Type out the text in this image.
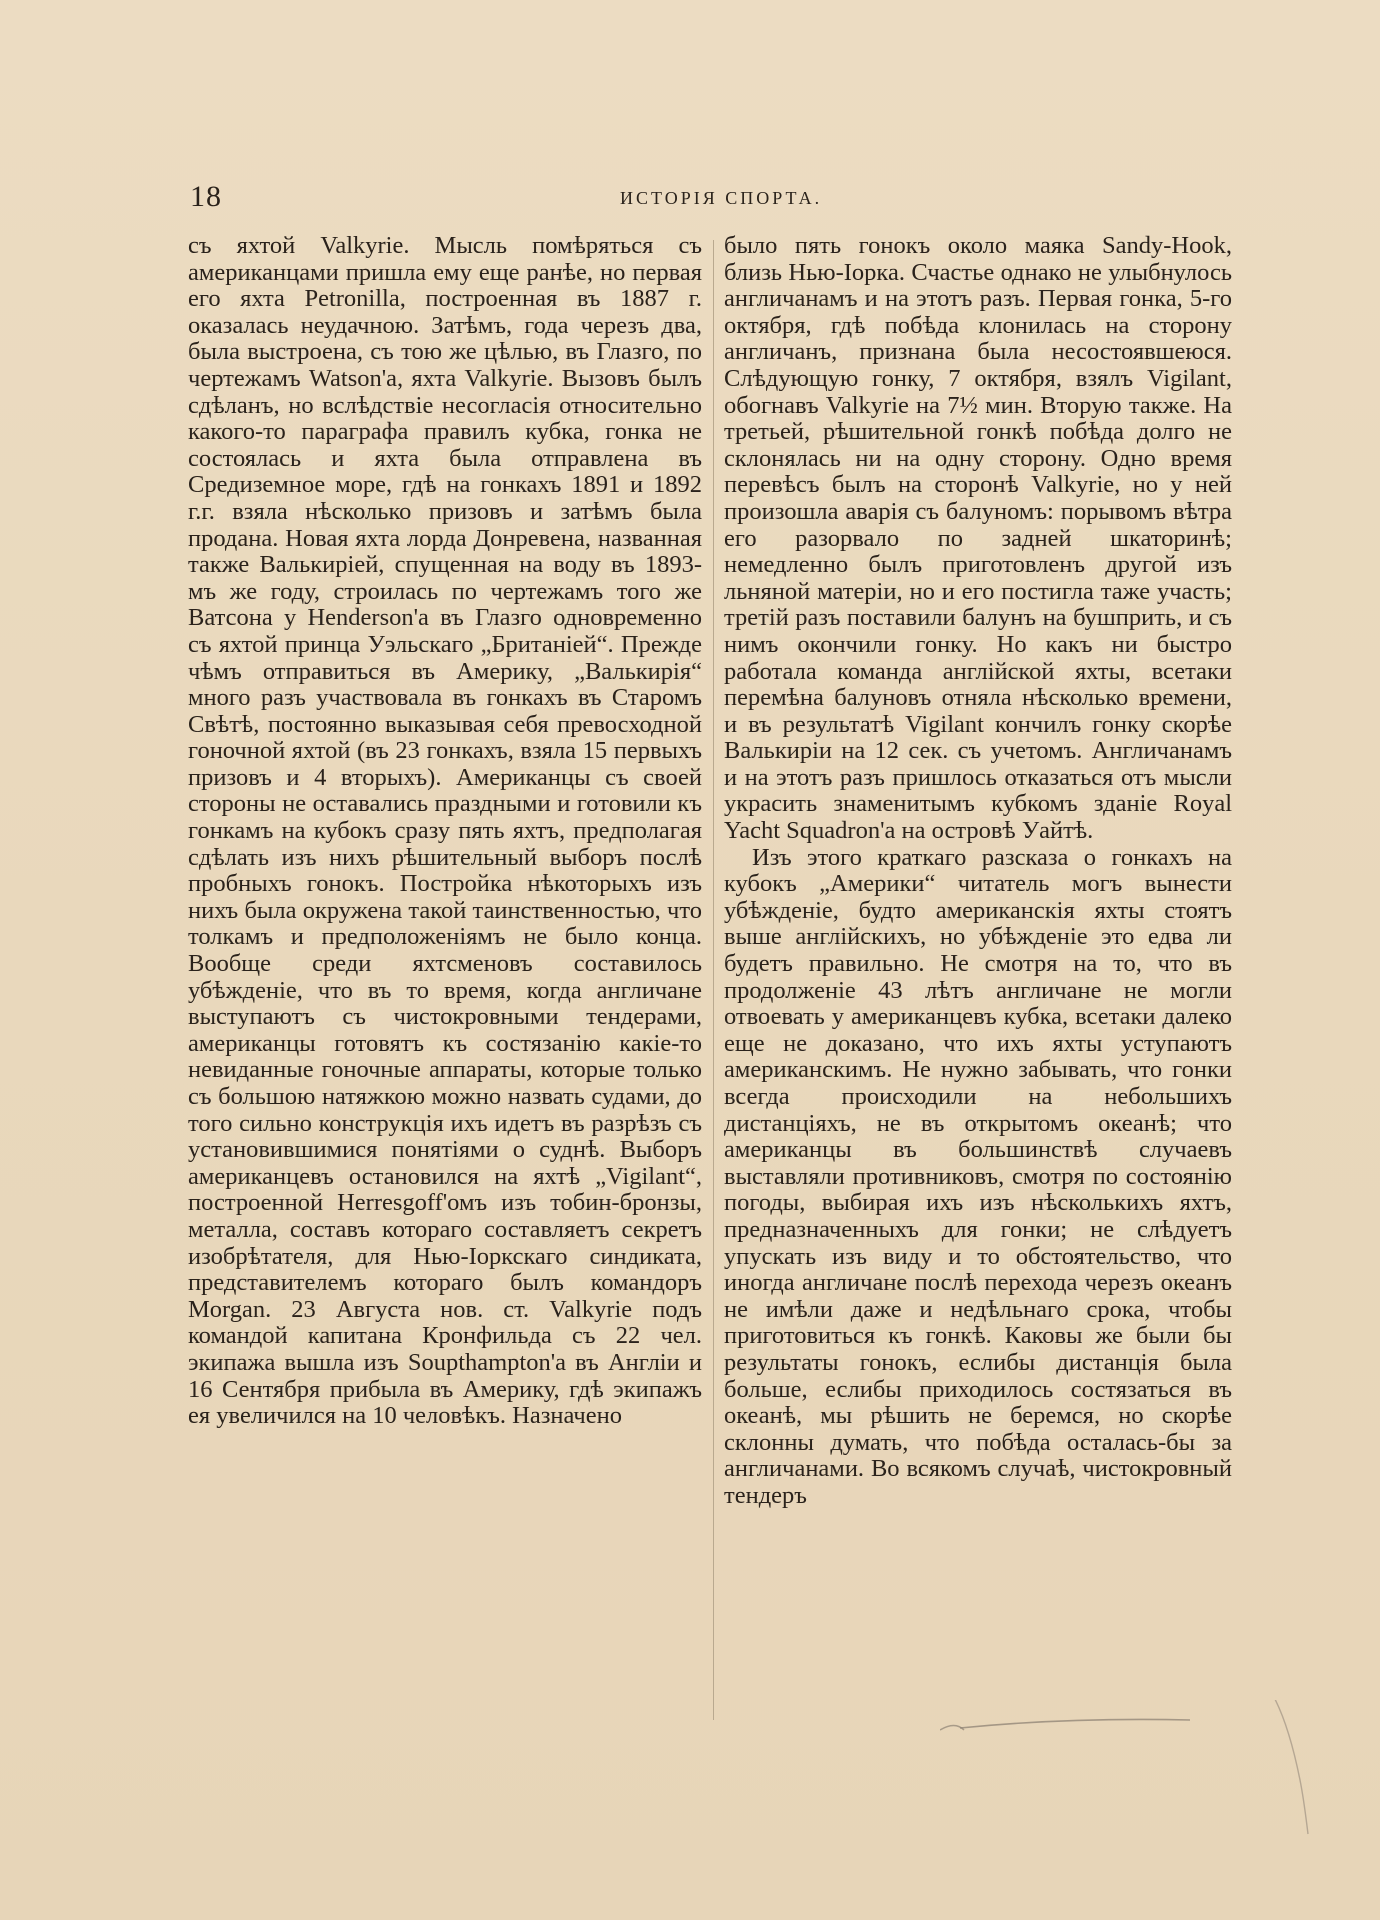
18	ИСТОРІЯ СПОРТА.

съ яхтой Valkyrie. Мысль помѣряться съ американцами пришла ему еще ранѣе, но первая его яхта Petronilla, построенная въ 1887 г. оказалась неудачною. Затѣмъ, года черезъ два, была выстроена, съ тою же цѣлью, въ Глазго, по чертежамъ Watson'а, яхта Valkyrie. Вызовъ былъ сдѣланъ, но вслѣдствіе несогласія относительно какого-то параграфа правилъ кубка, гонка не состоялась и яхта была отправлена въ Средиземное море, гдѣ на гонкахъ 1891 и 1892 г.г. взяла нѣсколько призовъ и затѣмъ была продана. Новая яхта лорда Донревена, названная также Валькиріей, спущенная на воду въ 1893-мъ же году, строилась по чертежамъ того же Ватсона у Henderson'а въ Глазго одновременно съ яхтой принца Уэльскаго „Британіей“. Прежде чѣмъ отправиться въ Америку, „Валькирія“ много разъ участвовала въ гонкахъ въ Старомъ Свѣтѣ, постоянно выказывая себя превосходной гоночной яхтой (въ 23 гонкахъ, взяла 15 первыхъ призовъ и 4 вторыхъ). Американцы съ своей стороны не оставались праздными и готовили къ гонкамъ на кубокъ сразу пять яхтъ, предполагая сдѣлать изъ нихъ рѣшительный выборъ послѣ пробныхъ гонокъ. Постройка нѣкоторыхъ изъ нихъ была окружена такой таинственностью, что толкамъ и предположеніямъ не было конца. Вообще среди яхтсменовъ составилось убѣжденіе, что въ то время, когда англичане выступаютъ съ чистокровными тендерами, американцы готовятъ къ состязанію какіе-то невиданные гоночные аппараты, которые только съ большою натяжкою можно назвать судами, до того сильно конструкція ихъ идетъ въ разрѣзъ съ установившимися понятіями о суднѣ. Выборъ американцевъ остановился на яхтѣ „Vigilant“, построенной Herresgoff'омъ изъ тобин-бронзы, металла, составъ котораго составляетъ секретъ изобрѣтателя, для Нью-Іоркскаго синдиката, представителемъ котораго былъ командоръ Morgan. 23 Августа нов. ст. Valkyrie подъ командой капитана Кронфильда съ 22 чел. экипажа вышла изъ Soupthampton'а въ Англіи и 16 Сентября прибыла въ Америку, гдѣ экипажъ ея увеличился на 10 человѣкъ. Назначено

было пять гонокъ около маяка Sandy-Hook, близь Нью-Іорка. Счастье однако не улыбнулось англичанамъ и на этотъ разъ. Первая гонка, 5-го октября, гдѣ побѣда клонилась на сторону англичанъ, признана была несостоявшеюся. Слѣдующую гонку, 7 октября, взялъ Vigilant, обогнавъ Valkyrie на 7½ мин. Вторую также. На третьей, рѣшительной гонкѣ побѣда долго не склонялась ни на одну сторону. Одно время перевѣсъ былъ на сторонѣ Valkyrie, но у ней произошла аварія съ балуномъ: порывомъ вѣтра его разорвало по задней шкаторинѣ; немедленно былъ приготовленъ другой изъ льняной матеріи, но и его постигла таже участь; третій разъ поставили балунъ на бушприть, и съ нимъ окончили гонку. Но какъ ни быстро работала команда англійской яхты, всетаки перемѣна балуновъ отняла нѣсколько времени, и въ результатѣ Vigilant кончилъ гонку скорѣе Валькиріи на 12 сек. съ учетомъ. Англичанамъ и на этотъ разъ пришлось отказаться отъ мысли украсить знаменитымъ кубкомъ зданіе Royal Yacht Squadron'а на островѣ Уайтѣ.

Изъ этого краткаго разсказа о гонкахъ на кубокъ „Америки“ читатель могъ вынести убѣжденіе, будто американскія яхты стоятъ выше англійскихъ, но убѣжденіе это едва ли будетъ правильно. Не смотря на то, что въ продолженіе 43 лѣтъ англичане не могли отвоевать у американцевъ кубка, всетаки далеко еще не доказано, что ихъ яхты уступаютъ американскимъ. Не нужно забывать, что гонки всегда происходили на небольшихъ дистанціяхъ, не въ открытомъ океанѣ; что американцы въ большинствѣ случаевъ выставляли противниковъ, смотря по состоянію погоды, выбирая ихъ изъ нѣсколькихъ яхтъ, предназначенныхъ для гонки; не слѣдуетъ упускать изъ виду и то обстоятельство, что иногда англичане послѣ перехода черезъ океанъ не имѣли даже и недѣльнаго срока, чтобы приготовиться къ гонкѣ. Каковы же были бы результаты гонокъ, еслибы дистанція была больше, еслибы приходилось состязаться въ океанѣ, мы рѣшить не беремся, но скорѣе склонны думать, что побѣда осталась-бы за англичанами. Во всякомъ случаѣ, чистокровный тендеръ
